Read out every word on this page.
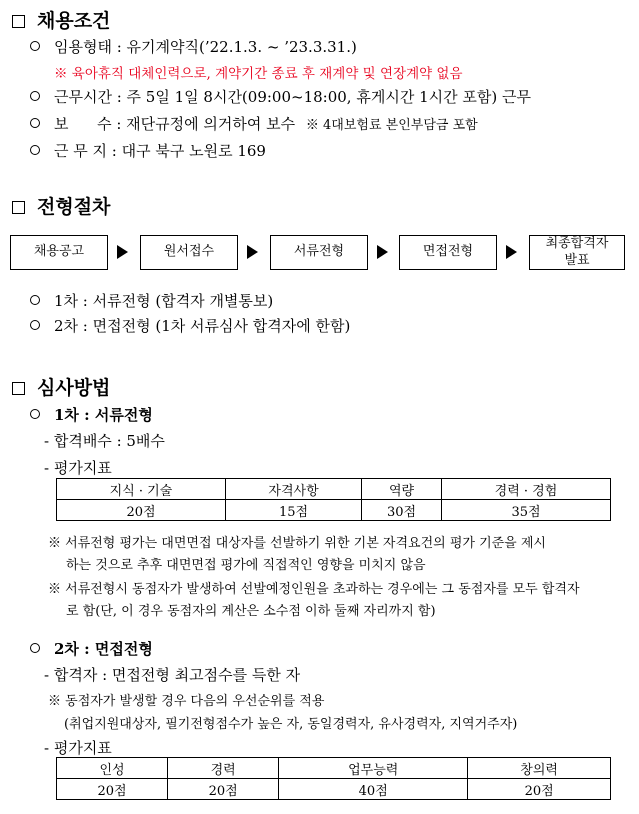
채용조건
임용형태 : 유기계약직(’22.1.3. ~ ’23.3.31.)
※ 육아휴직 대체인력으로, 계약기간 종료 후 재계약 및 연장계약 없음
근무시간 : 주 5일 1일 8시간(09:00~18:00, 휴게시간 1시간 포함) 근무
보      수 : 재단규정에 의거하여 보수 ※ 4대보험료 본인부담금 포함
근 무 지 : 대구 북구 노원로 169
전형절차
채용공고	원서접수	서류전형	면접전형
최종합격자 발표
1차 : 서류전형 (합격자 개별통보)
2차 : 면접전형 (1차 서류심사 합격자에 한함)
심사방법
1차 : 서류전형
- 합격배수 : 5배수
- 평가지표
지식 · 기술	자격사항	역량	경력 · 경험
20점	15점	30점	35점
※ 서류전형 평가는 대면면접 대상자를 선발하기 위한 기본 자격요건의 평가 기준을 제시
하는 것으로 추후 대면면접 평가에 직접적인 영향을 미치지 않음
※ 서류전형시 동점자가 발생하여 선발예정인원을 초과하는 경우에는 그 동점자를 모두 합격자
로 함(단, 이 경우 동점자의 계산은 소수점 이하 둘째 자리까지 함)
2차 : 면접전형
- 합격자 : 면접전형 최고점수를 득한 자
※ 동점자가 발생할 경우 다음의 우선순위를 적용
(취업지원대상자, 필기전형점수가 높은 자, 동일경력자, 유사경력자, 지역거주자)
- 평가지표
인성	경력	업무능력	창의력
20점	20점	40점	20점
